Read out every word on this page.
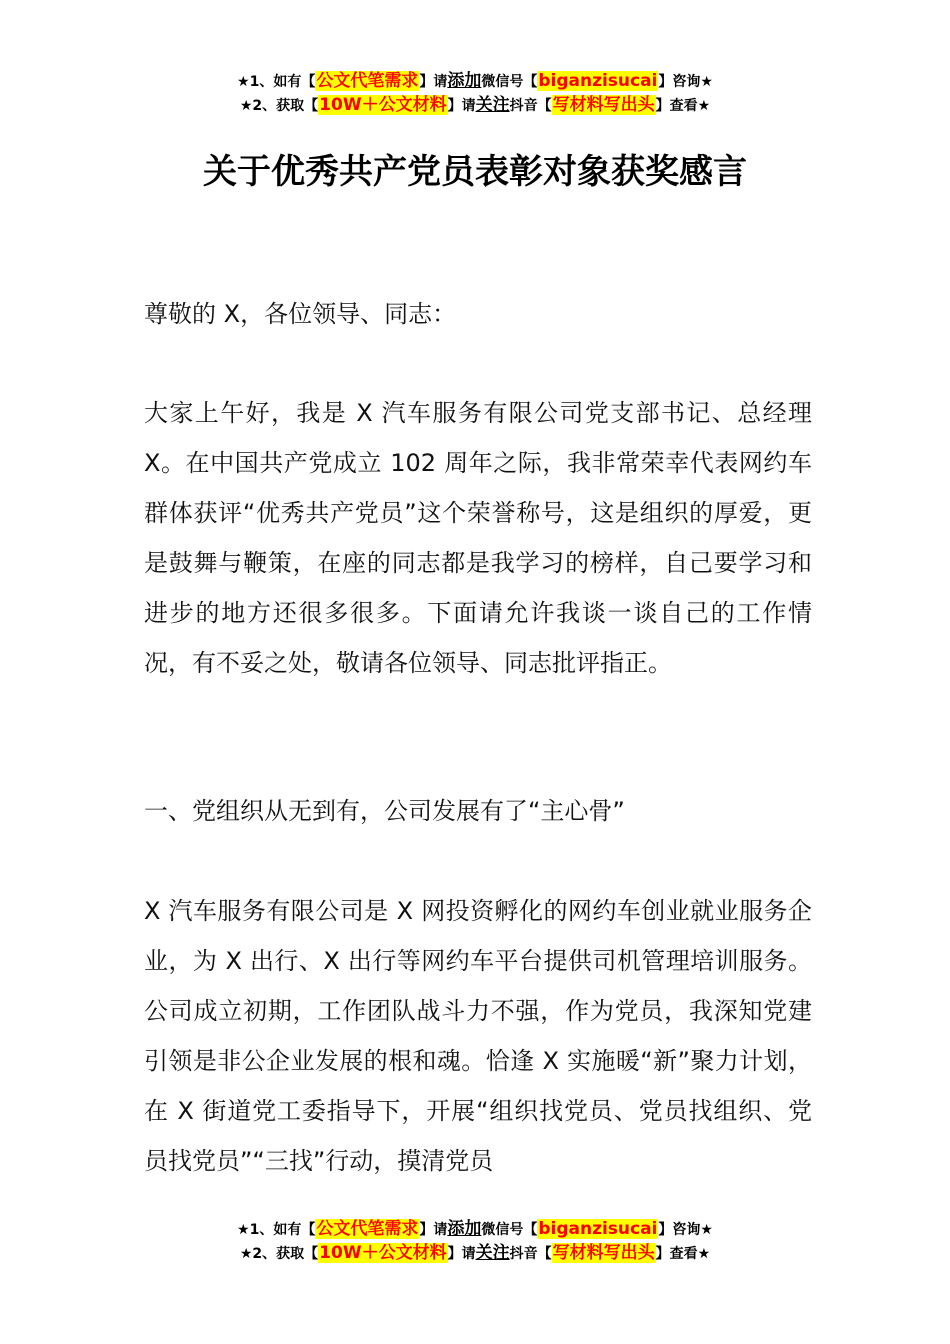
★1、如有【公文代笔需求】请添加微信号【biganzisucai】咨询★
★2、获取【10W＋公文材料】请关注抖音【写材料写出头】查看★
关于优秀共产党员表彰对象获奖感言

尊敬的 X，各位领导、同志：

大家上午好，我是 X 汽车服务有限公司党支部书记、总经理 X。在中国共产党成立 102 周年之际，我非常荣幸代表网约车群体获评“优秀共产党员”这个荣誉称号，这是组织的厚爱，更是鼓舞与鞭策，在座的同志都是我学习的榜样，自己要学习和进步的地方还很多很多。下面请允许我谈一谈自己的工作情况，有不妥之处，敬请各位领导、同志批评指正。

一、党组织从无到有，公司发展有了“主心骨”

X 汽车服务有限公司是 X 网投资孵化的网约车创业就业服务企业，为 X 出行、X 出行等网约车平台提供司机管理培训服务。公司成立初期，工作团队战斗力不强，作为党员，我深知党建引领是非公企业发展的根和魂。恰逢 X 实施暖“新”聚力计划，在 X 街道党工委指导下，开展“组织找党员、党员找组织、党员找党员”“三找”行动，摸清党员

★1、如有【公文代笔需求】请添加微信号【biganzisucai】咨询★
★2、获取【10W＋公文材料】请关注抖音【写材料写出头】查看★
